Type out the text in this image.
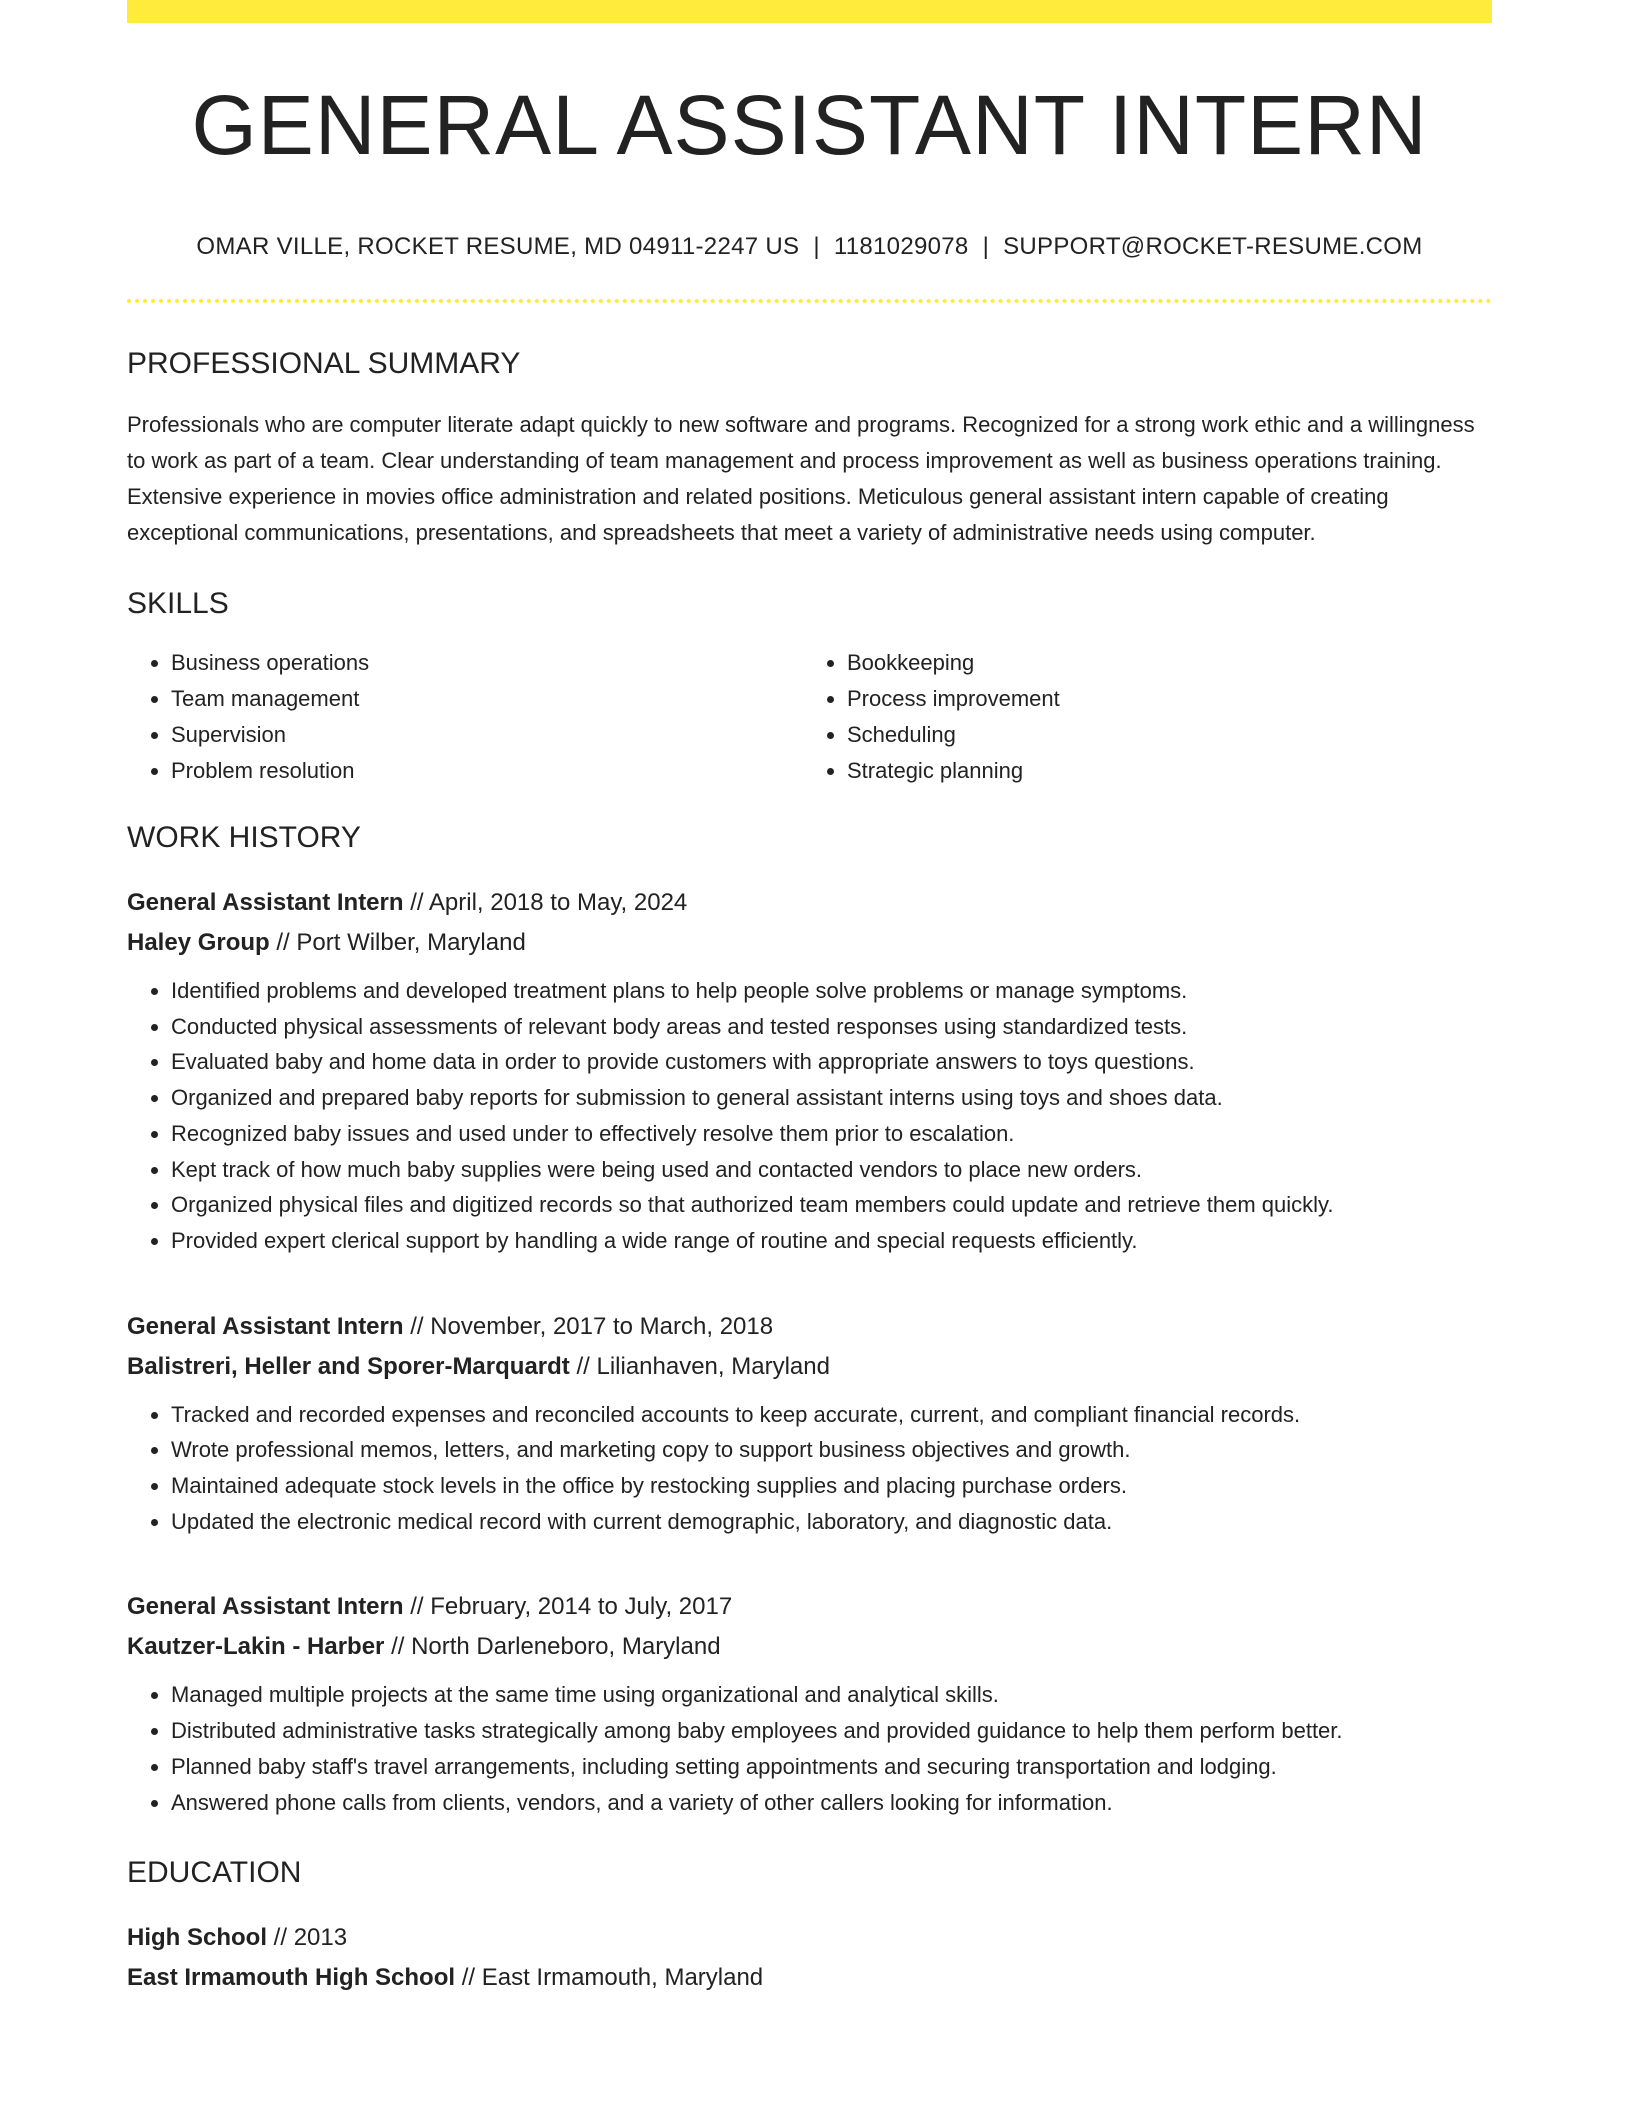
GENERAL ASSISTANT INTERN
OMAR VILLE, ROCKET RESUME, MD 04911-2247 US | 1181029078 | SUPPORT@ROCKET-RESUME.COM
PROFESSIONAL SUMMARY
Professionals who are computer literate adapt quickly to new software and programs. Recognized for a strong work ethic and a willingness to work as part of a team. Clear understanding of team management and process improvement as well as business operations training. Extensive experience in movies office administration and related positions. Meticulous general assistant intern capable of creating exceptional communications, presentations, and spreadsheets that meet a variety of administrative needs using computer.
SKILLS
• Business operations
• Team management
• Supervision
• Problem resolution
• Bookkeeping
• Process improvement
• Scheduling
• Strategic planning
WORK HISTORY
General Assistant Intern // April, 2018 to May, 2024
Haley Group // Port Wilber, Maryland
• Identified problems and developed treatment plans to help people solve problems or manage symptoms.
• Conducted physical assessments of relevant body areas and tested responses using standardized tests.
• Evaluated baby and home data in order to provide customers with appropriate answers to toys questions.
• Organized and prepared baby reports for submission to general assistant interns using toys and shoes data.
• Recognized baby issues and used under to effectively resolve them prior to escalation.
• Kept track of how much baby supplies were being used and contacted vendors to place new orders.
• Organized physical files and digitized records so that authorized team members could update and retrieve them quickly.
• Provided expert clerical support by handling a wide range of routine and special requests efficiently.
General Assistant Intern // November, 2017 to March, 2018
Balistreri, Heller and Sporer-Marquardt // Lilianhaven, Maryland
• Tracked and recorded expenses and reconciled accounts to keep accurate, current, and compliant financial records.
• Wrote professional memos, letters, and marketing copy to support business objectives and growth.
• Maintained adequate stock levels in the office by restocking supplies and placing purchase orders.
• Updated the electronic medical record with current demographic, laboratory, and diagnostic data.
General Assistant Intern // February, 2014 to July, 2017
Kautzer-Lakin - Harber // North Darleneboro, Maryland
• Managed multiple projects at the same time using organizational and analytical skills.
• Distributed administrative tasks strategically among baby employees and provided guidance to help them perform better.
• Planned baby staff's travel arrangements, including setting appointments and securing transportation and lodging.
• Answered phone calls from clients, vendors, and a variety of other callers looking for information.
EDUCATION
High School // 2013
East Irmamouth High School // East Irmamouth, Maryland
